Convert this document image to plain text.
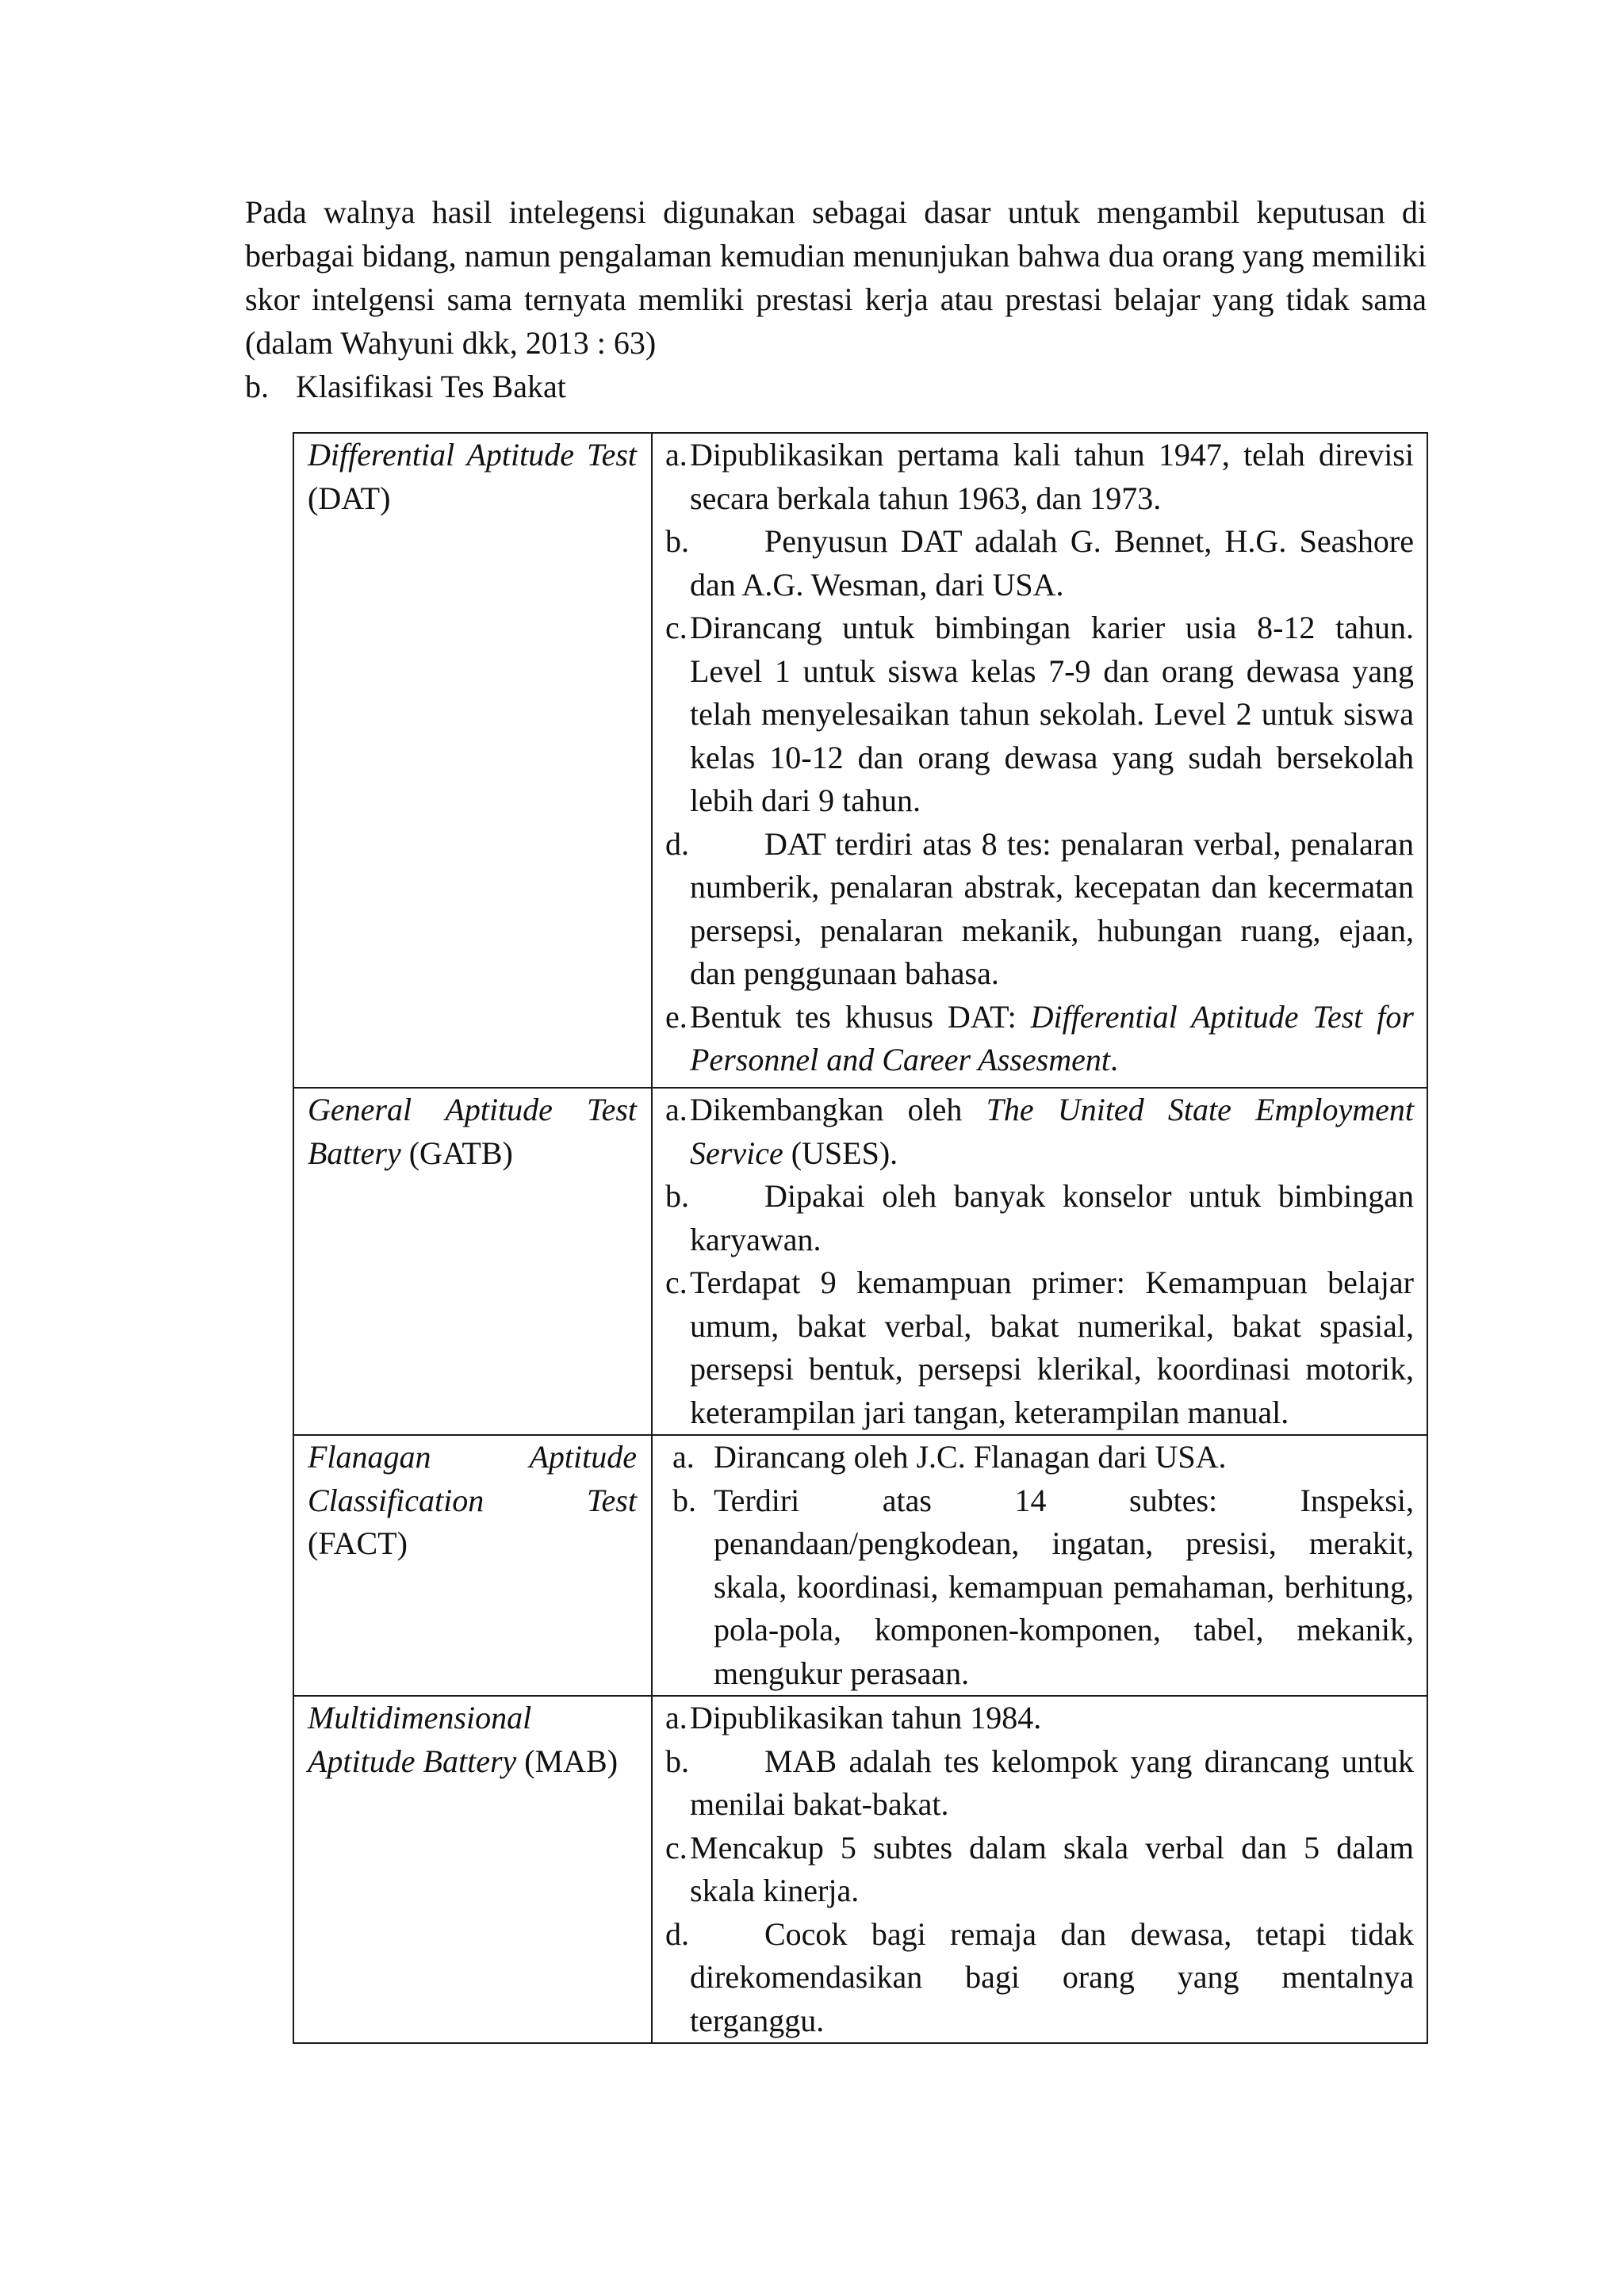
Pada walnya hasil intelegensi digunakan sebagai dasar untuk mengambil keputusan di berbagai bidang, namun pengalaman kemudian menunjukan bahwa dua orang yang memiliki skor intelgensi sama ternyata memliki prestasi kerja atau prestasi belajar yang tidak sama (dalam Wahyuni dkk, 2013 : 63)

b. Klasifikasi Tes Bakat

Differential Aptitude Test (DAT)	a.Dipublikasikan pertama kali tahun 1947, telah direvisi secara berkala tahun 1963, dan 1973.

b. Penyusun DAT adalah G. Bennet, H.G. Seashore dan A.G. Wesman, dari USA.

c.Dirancang untuk bimbingan karier usia 8-12 tahun. Level 1 untuk siswa kelas 7-9 dan orang dewasa yang telah menyelesaikan tahun sekolah. Level 2 untuk siswa kelas 10-12 dan orang dewasa yang sudah bersekolah lebih dari 9 tahun.

d. DAT terdiri atas 8 tes: penalaran verbal, penalaran numberik, penalaran abstrak, kecepatan dan kecermatan persepsi, penalaran mekanik, hubungan ruang, ejaan, dan penggunaan bahasa.

e.Bentuk tes khusus DAT: Differential Aptitude Test for Personnel and Career Assesment.

General Aptitude Test Battery (GATB)	a.Dikembangkan oleh The United State Employment Service (USES).

b. Dipakai oleh banyak konselor untuk bimbingan karyawan.

c.Terdapat 9 kemampuan primer: Kemampuan belajar umum, bakat verbal, bakat numerikal, bakat spasial, persepsi bentuk, persepsi klerikal, koordinasi motorik, keterampilan jari tangan, keterampilan manual.

Flanagan Aptitude Classification Test (FACT)	a. Dirancang oleh J.C. Flanagan dari USA.

b. Terdiri atas 14 subtes: Inspeksi, penandaan/pengkodean, ingatan, presisi, merakit, skala, koordinasi, kemampuan pemahaman, berhitung, pola-pola, komponen-komponen, tabel, mekanik, mengukur perasaan.

Multidimensional Aptitude Battery (MAB)	a.Dipublikasikan tahun 1984.

b. MAB adalah tes kelompok yang dirancang untuk menilai bakat-bakat.

c.Mencakup 5 subtes dalam skala verbal dan 5 dalam skala kinerja.

d. Cocok bagi remaja dan dewasa, tetapi tidak direkomendasikan bagi orang yang mentalnya terganggu.
